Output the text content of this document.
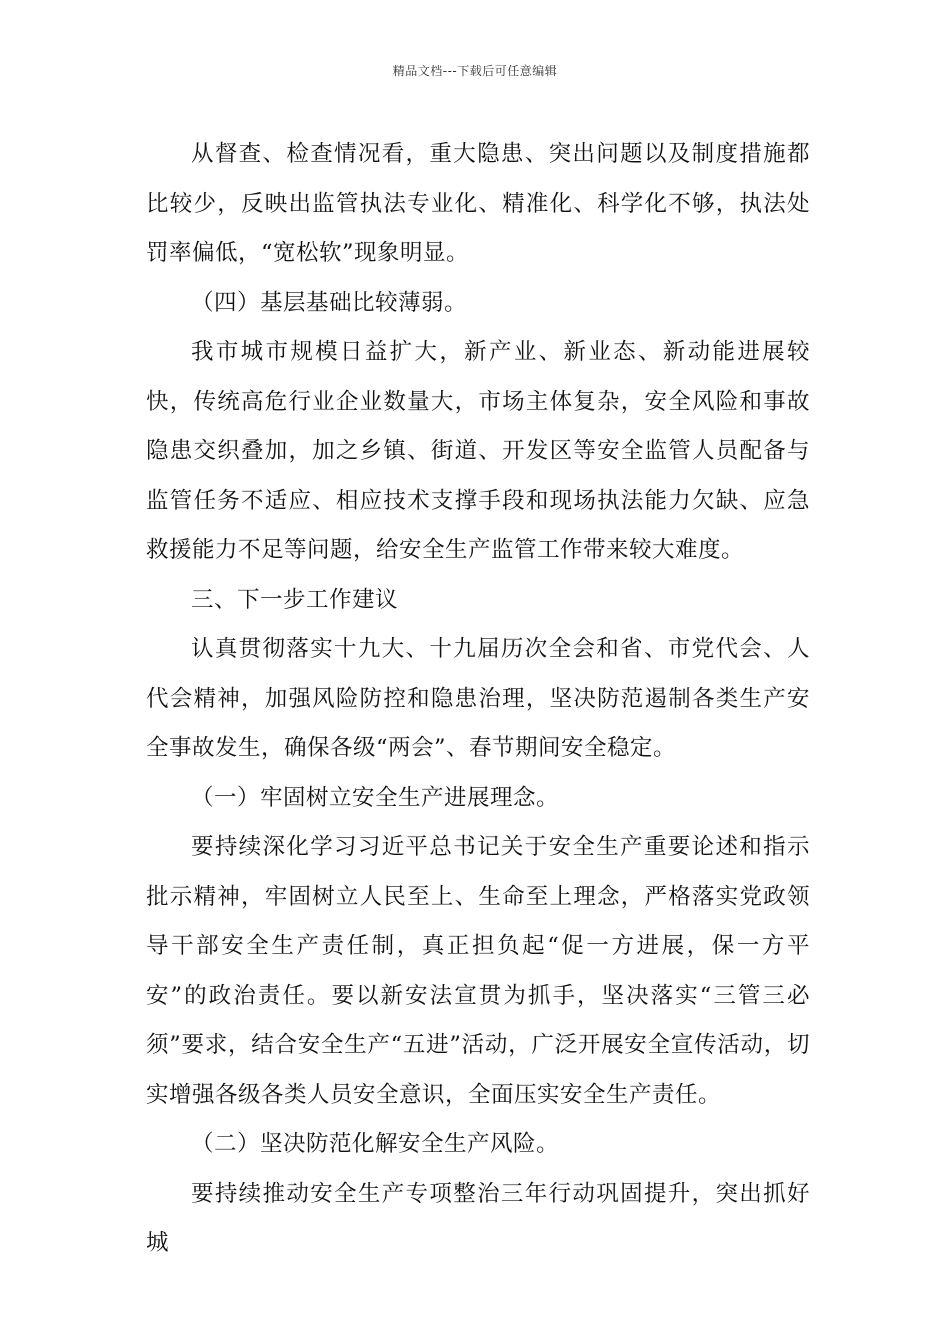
精品文档---下载后可任意编辑

从督查、检查情况看，重大隐患、突出问题以及制度措施都比较少，反映出监管执法专业化、精准化、科学化不够，执法处罚率偏低，“宽松软”现象明显。

（四）基层基础比较薄弱。

我市城市规模日益扩大，新产业、新业态、新动能进展较快，传统高危行业企业数量大，市场主体复杂，安全风险和事故隐患交织叠加，加之乡镇、街道、开发区等安全监管人员配备与监管任务不适应、相应技术支撑手段和现场执法能力欠缺、应急救援能力不足等问题，给安全生产监管工作带来较大难度。

三、下一步工作建议

认真贯彻落实十九大、十九届历次全会和省、市党代会、人代会精神，加强风险防控和隐患治理，坚决防范遏制各类生产安全事故发生，确保各级“两会”、春节期间安全稳定。

（一）牢固树立安全生产进展理念。

要持续深化学习习近平总书记关于安全生产重要论述和指示批示精神，牢固树立人民至上、生命至上理念，严格落实党政领导干部安全生产责任制，真正担负起“促一方进展，保一方平安”的政治责任。要以新安法宣贯为抓手，坚决落实“三管三必须”要求，结合安全生产“五进”活动，广泛开展安全宣传活动，切实增强各级各类人员安全意识，全面压实安全生产责任。

（二）坚决防范化解安全生产风险。

要持续推动安全生产专项整治三年行动巩固提升，突出抓好城
